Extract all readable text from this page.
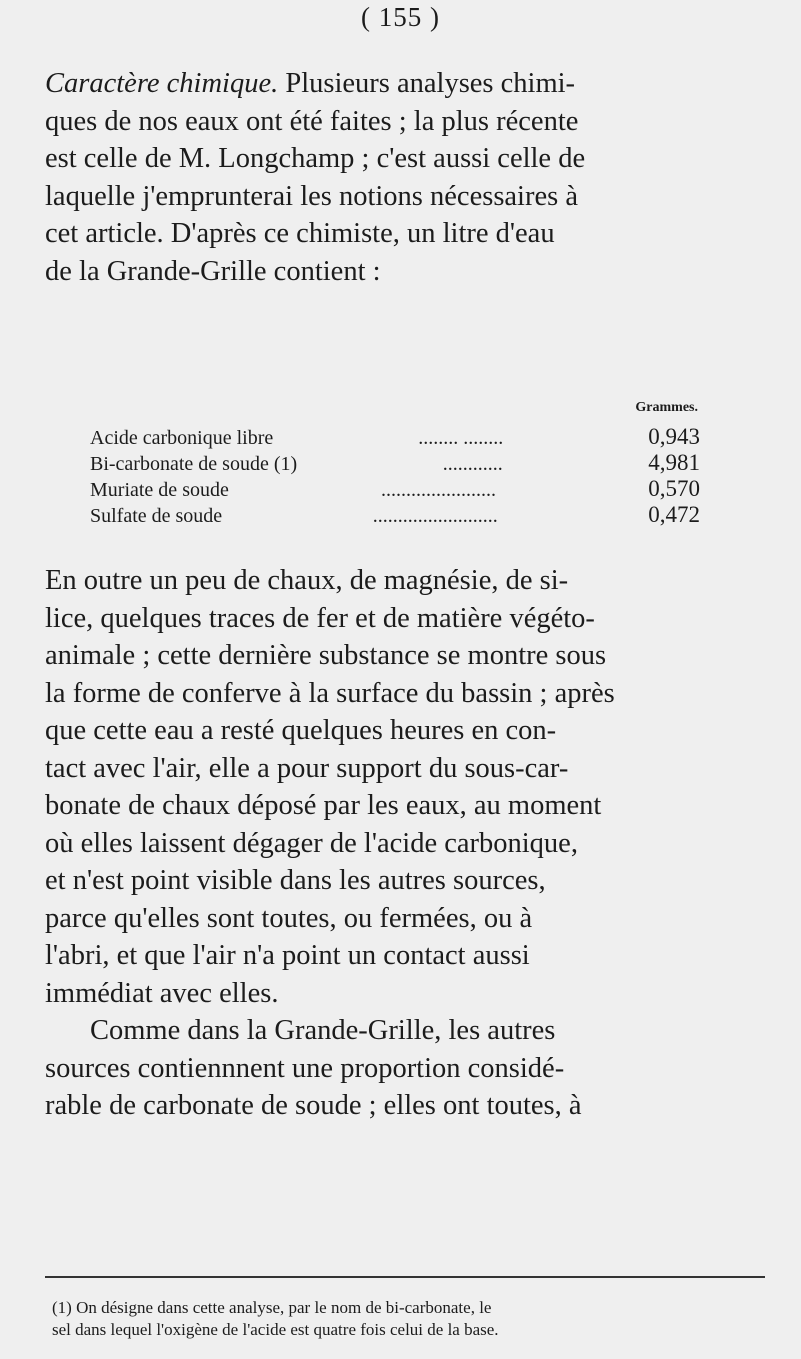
( 155 )

Caractère chimique. Plusieurs analyses chimi-

ques de nos eaux ont été faites ; la plus récente

est celle de M. Longchamp ; c'est aussi celle de

laquelle j'emprunterai les notions nécessaires à

cet article. D'après ce chimiste, un litre d'eau

de la Grande-Grille contient :

Grammes.
Acide carbonique libre	........ ........	0,943
Bi-carbonate de soude (1)	............	4,981
Muriate de soude	.......................	0,570
Sulfate de soude	.........................	0,472

En outre un peu de chaux, de magnésie, de si-

lice, quelques traces de fer et de matière végéto-

animale ; cette dernière substance se montre sous

la forme de conferve à la surface du bassin ; après

que cette eau a resté quelques heures en con-

tact avec l'air, elle a pour support du sous-car-

bonate de chaux déposé par les eaux, au moment

où elles laissent dégager de l'acide carbonique,

et n'est point visible dans les autres sources,

parce qu'elles sont toutes, ou fermées, ou à

l'abri, et que l'air n'a point un contact aussi

immédiat avec elles.

Comme dans la Grande-Grille, les autres

sources contiennnent une proportion considé-

rable de carbonate de soude ; elles ont toutes, à

(1) On désigne dans cette analyse, par le nom de bi-carbonate, le

sel dans lequel l'oxigène de l'acide est quatre fois celui de la base.
